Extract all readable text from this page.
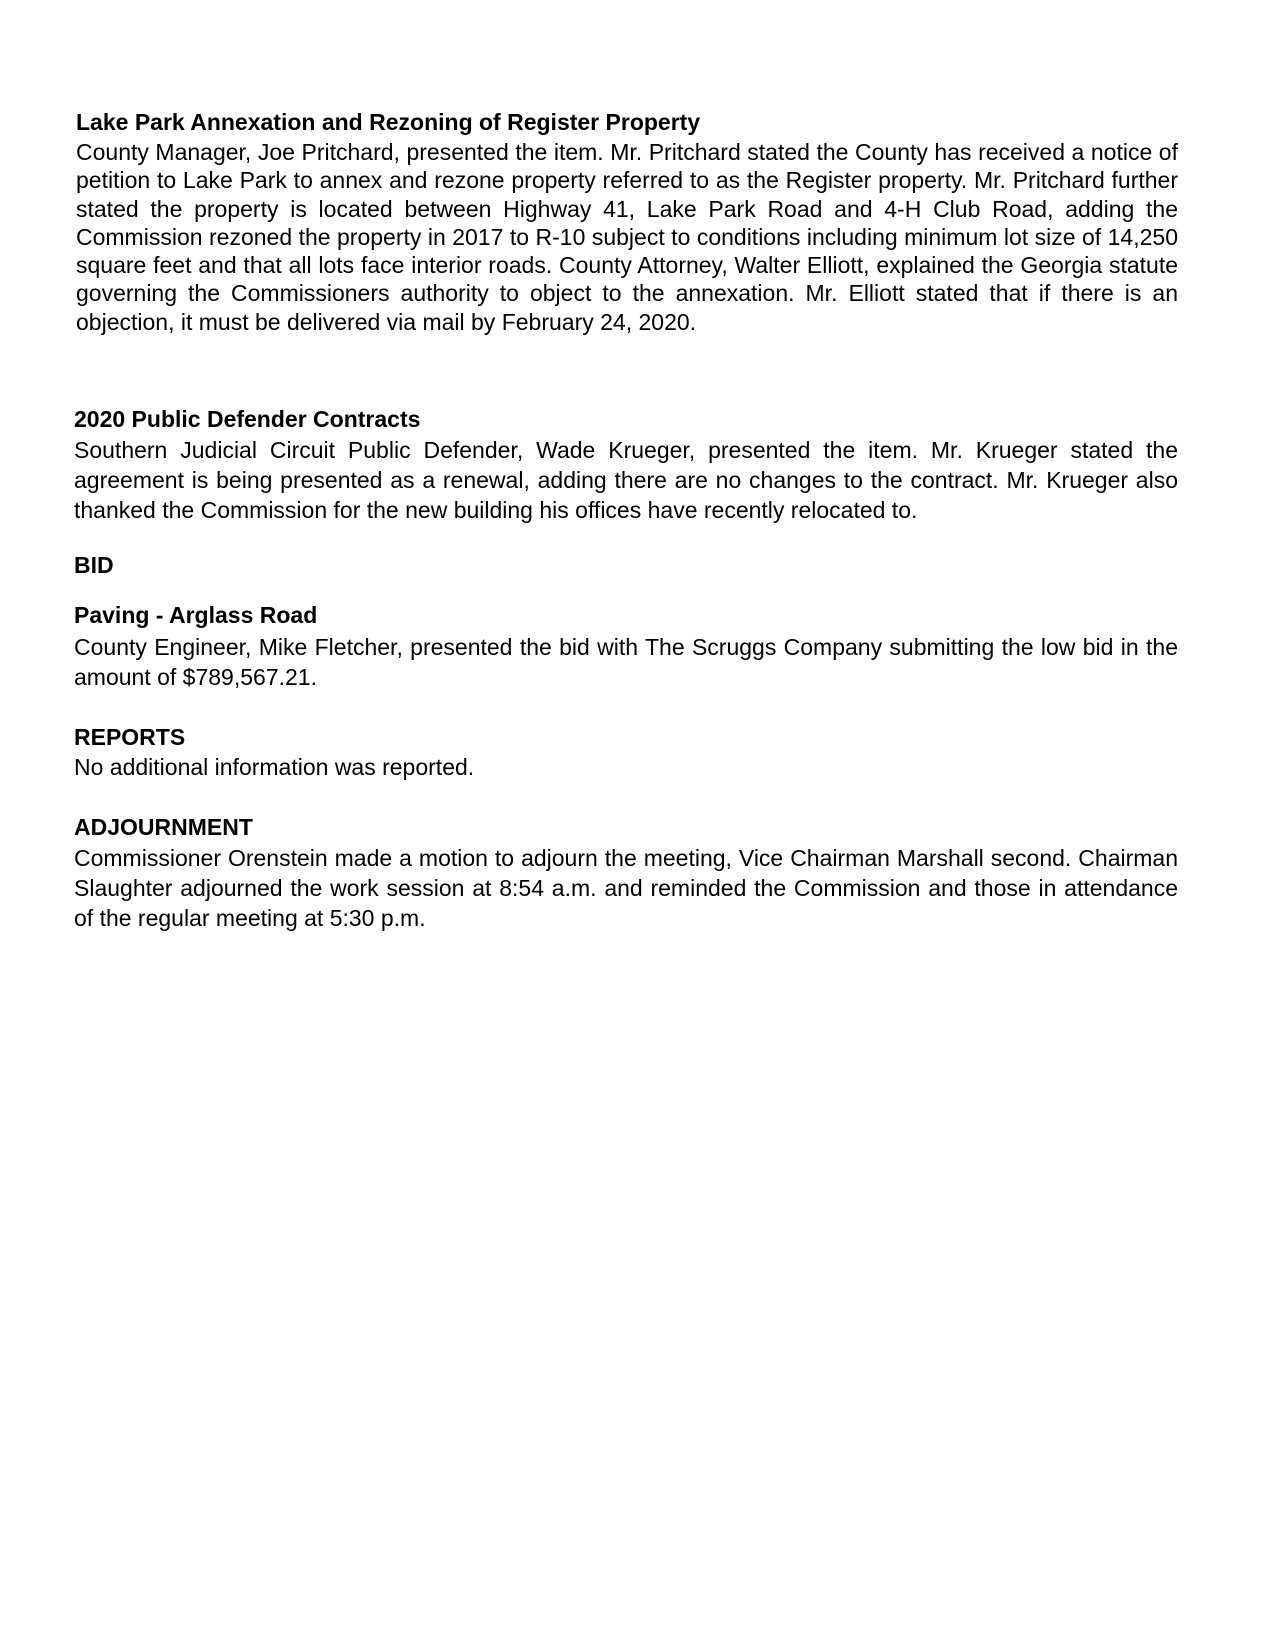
Lake Park Annexation and Rezoning of Register Property

County Manager, Joe Pritchard, presented the item. Mr. Pritchard stated the County has received a notice of petition to Lake Park to annex and rezone property referred to as the Register property. Mr. Pritchard further stated the property is located between Highway 41, Lake Park Road and 4-H Club Road, adding the Commission rezoned the property in 2017 to R-10 subject to conditions including minimum lot size of 14,250 square feet and that all lots face interior roads. County Attorney, Walter Elliott, explained the Georgia statute governing the Commissioners authority to object to the annexation. Mr. Elliott stated that if there is an objection, it must be delivered via mail by February 24, 2020.

2020 Public Defender Contracts

Southern Judicial Circuit Public Defender, Wade Krueger, presented the item. Mr. Krueger stated the agreement is being presented as a renewal, adding there are no changes to the contract. Mr. Krueger also thanked the Commission for the new building his offices have recently relocated to.

BID
Paving - Arglass Road

County Engineer, Mike Fletcher, presented the bid with The Scruggs Company submitting the low bid in the amount of $789,567.21.

REPORTS

No additional information was reported.

ADJOURNMENT

Commissioner Orenstein made a motion to adjourn the meeting, Vice Chairman Marshall second. Chairman Slaughter adjourned the work session at 8:54 a.m. and reminded the Commission and those in attendance of the regular meeting at 5:30 p.m.
